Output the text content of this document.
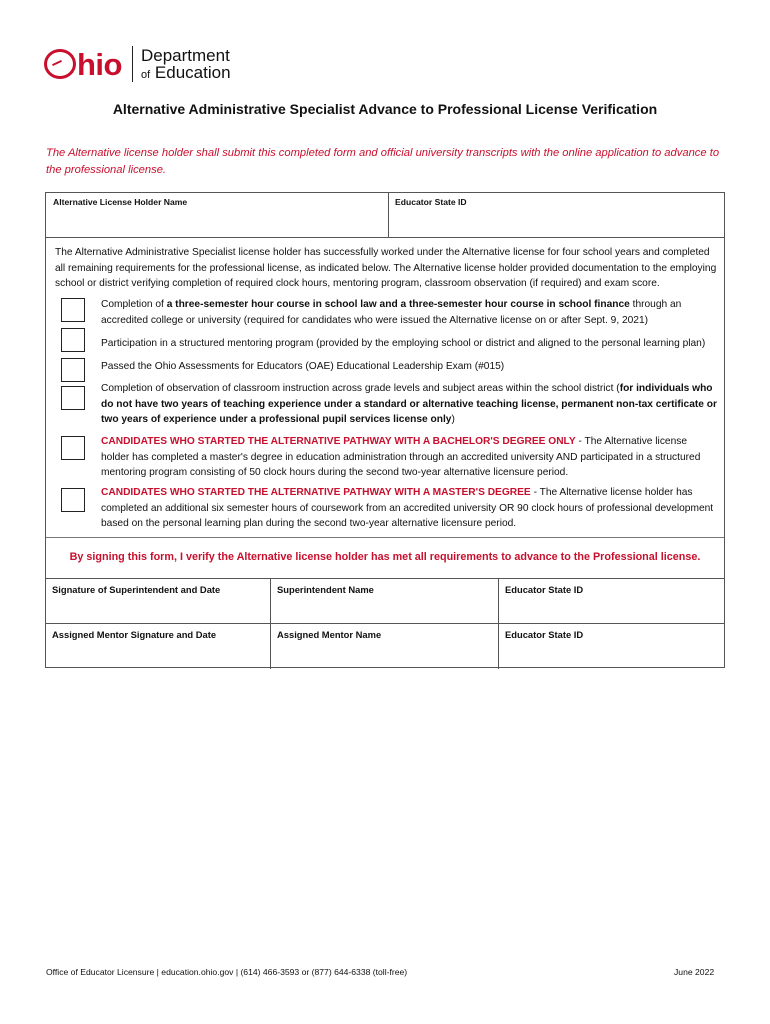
hio Department
of Education
Alternative Administrative Specialist Advance to Professional License Verification
The Alternative license holder shall submit this completed form and official university transcripts with the online application to advance to the professional license.
Alternative License Holder Name	Educator State ID
The Alternative Administrative Specialist license holder has successfully worked under the Alternative license for four school years and completed all remaining requirements for the professional license, as indicated below. The Alternative license holder provided documentation to the employing school or district verifying completion of required clock hours, mentoring program, classroom observation (if required) and exam score.
Completion of a three-semester hour course in school law and a three-semester hour course in school finance through an accredited college or university (required for candidates who were issued the Alternative license on or after Sept. 9, 2021)
Participation in a structured mentoring program (provided by the employing school or district and aligned to the personal learning plan)
Passed the Ohio Assessments for Educators (OAE) Educational Leadership Exam (#015)
Completion of observation of classroom instruction across grade levels and subject areas within the school district (for individuals who do not have two years of teaching experience under a standard or alternative teaching license, permanent non-tax certificate or two years of experience under a professional pupil services license only)
CANDIDATES WHO STARTED THE ALTERNATIVE PATHWAY WITH A BACHELOR'S DEGREE ONLY - The Alternative license holder has completed a master's degree in education administration through an accredited university AND participated in a structured mentoring program consisting of 50 clock hours during the second two-year alternative licensure period.
CANDIDATES WHO STARTED THE ALTERNATIVE PATHWAY WITH A MASTER'S DEGREE - The Alternative license holder has completed an additional six semester hours of coursework from an accredited university OR 90 clock hours of professional development based on the personal learning plan during the second two-year alternative licensure period.
By signing this form, I verify the Alternative license holder has met all requirements to advance to the Professional license.
Signature of Superintendent and Date	Superintendent Name	Educator State ID
Assigned Mentor Signature and Date	Assigned Mentor Name	Educator State ID
Office of Educator Licensure | education.ohio.gov | (614) 466-3593 or (877) 644-6338 (toll-free)	June 2022
